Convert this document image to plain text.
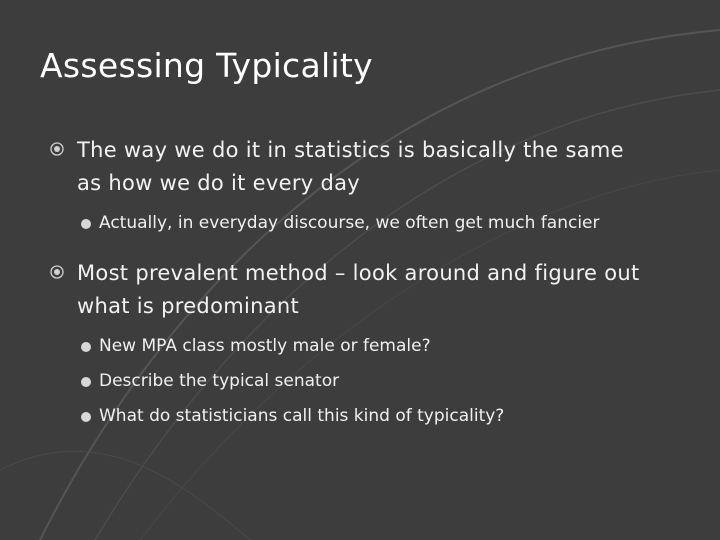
Assessing Typicality
The way we do it in statistics is basically the same as how we do it every day
Actually, in everyday discourse, we often get much fancier
Most prevalent method – look around and figure out what is predominant
New MPA class mostly male or female?
Describe the typical senator
What do statisticians call this kind of typicality?
